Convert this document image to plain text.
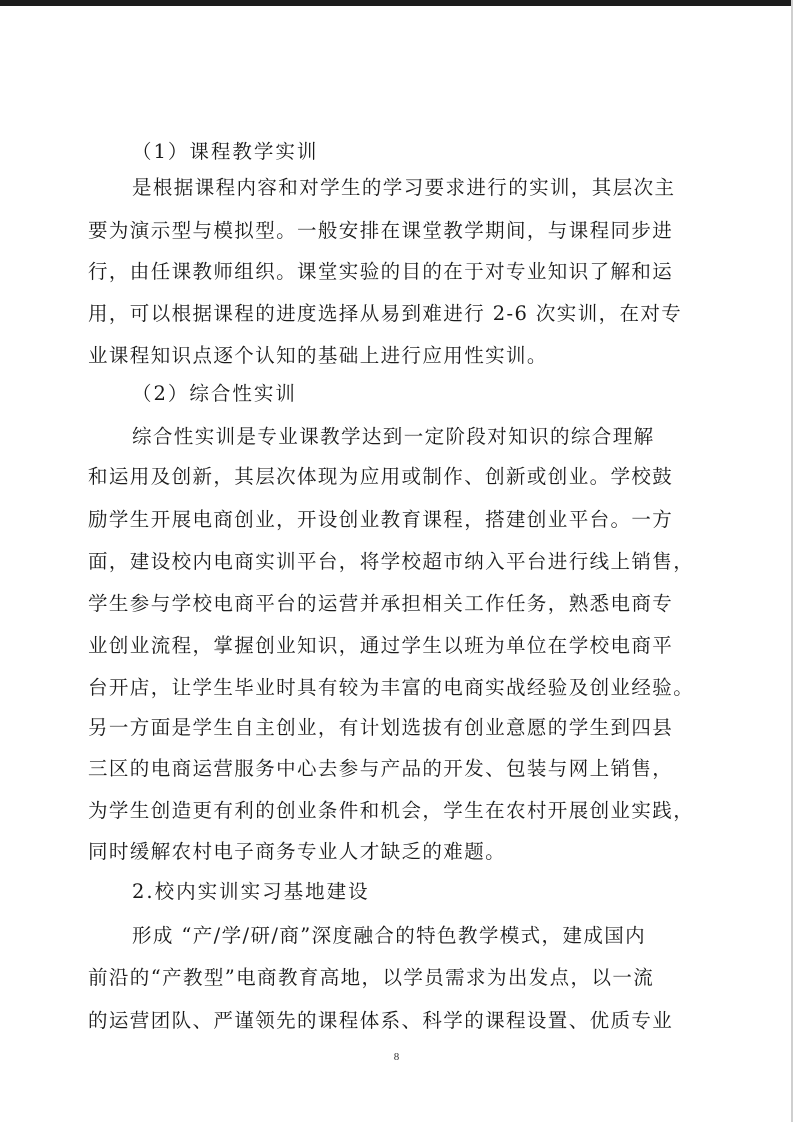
（1）课程教学实训

是根据课程内容和对学生的学习要求进行的实训，其层次主

要为演示型与模拟型。一般安排在课堂教学期间，与课程同步进

行，由任课教师组织。课堂实验的目的在于对专业知识了解和运

用，可以根据课程的进度选择从易到难进行 2-6 次实训，在对专

业课程知识点逐个认知的基础上进行应用性实训。

（2）综合性实训

综合性实训是专业课教学达到一定阶段对知识的综合理解

和运用及创新，其层次体现为应用或制作、创新或创业。学校鼓

励学生开展电商创业，开设创业教育课程，搭建创业平台。一方

面，建设校内电商实训平台，将学校超市纳入平台进行线上销售，

学生参与学校电商平台的运营并承担相关工作任务，熟悉电商专

业创业流程，掌握创业知识，通过学生以班为单位在学校电商平

台开店，让学生毕业时具有较为丰富的电商实战经验及创业经验。

另一方面是学生自主创业，有计划选拔有创业意愿的学生到四县

三区的电商运营服务中心去参与产品的开发、包装与网上销售，

为学生创造更有利的创业条件和机会，学生在农村开展创业实践，

同时缓解农村电子商务专业人才缺乏的难题。

2.校内实训实习基地建设

形成 “产/学/研/商”深度融合的特色教学模式，建成国内

前沿的“产教型”电商教育高地，以学员需求为出发点，以一流

的运营团队、严谨领先的课程体系、科学的课程设置、优质专业

8
